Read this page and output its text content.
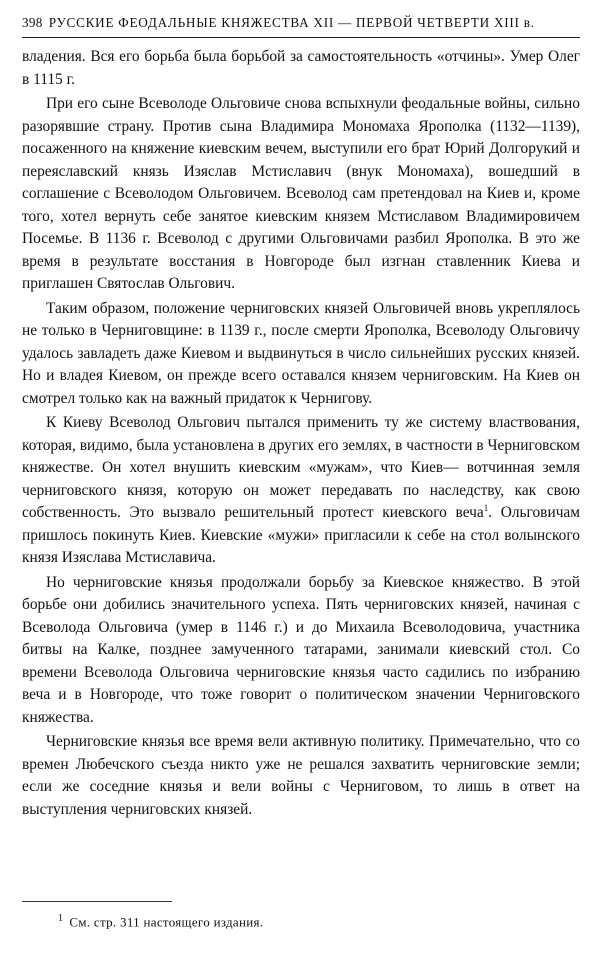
398 РУССКИЕ ФЕОДАЛЬНЫЕ КНЯЖЕСТВА XII — ПЕРВОЙ ЧЕТВЕРТИ XIII в.

владения. Вся его борьба была борьбой за самостоятельность «отчины». Умер Олег в 1115 г.

При его сыне Всеволоде Ольговиче снова вспыхнули феодальные войны, сильно разорявшие страну. Против сына Владимира Мономаха Ярополка (1132—1139), посаженного на княжение киевским вечем, выступили его брат Юрий Долгорукий и переяславский князь Изяслав Мстиславич (внук Мономаха), вошедший в соглашение с Всеволодом Ольговичем. Всеволод сам претендовал на Киев и, кроме того, хотел вернуть себе занятое киевским князем Мстиславом Владимировичем Посемье. В 1136 г. Всеволод с другими Ольговичами разбил Ярополка. В это же время в результате восстания в Новгороде был изгнан ставленник Киева и приглашен Святослав Ольгович.

Таким образом, положение черниговских князей Ольговичей вновь укреплялось не только в Черниговщине: в 1139 г., после смерти Ярополка, Всеволоду Ольговичу удалось завладеть даже Киевом и выдвинуться в число сильнейших русских князей. Но и владея Киевом, он прежде всего оставался князем черниговским. На Киев он смотрел только как на важный придаток к Чернигову.

К Киеву Всеволод Ольгович пытался применить ту же систему властвования, которая, видимо, была установлена в других его землях, в частности в Черниговском княжестве. Он хотел внушить киевским «мужам», что Киев— вотчинная земля черниговского князя, которую он может передавать по наследству, как свою собственность. Это вызвало решительный протест киевского веча$^1$. Ольговичам пришлось покинуть Киев. Киевские «мужи» пригласили к себе на стол волынского князя Изяслава Мстиславича.

Но черниговские князья продолжали борьбу за Киевское княжество. В этой борьбе они добились значительного успеха. Пять черниговских князей, начиная с Всеволода Ольговича (умер в 1146 г.) и до Михаила Всеволодовича, участника битвы на Калке, позднее замученного татарами, занимали киевский стол. Со времени Всеволода Ольговича черниговские князья часто садились по избранию веча и в Новгороде, что тоже говорит о политическом значении Черниговского княжества.

Черниговские князья все время вели активную политику. Примечательно, что со времен Любечского съезда никто уже не решался захватить черниговские земли; если же соседние князья и вели войны с Черниговом, то лишь в ответ на выступления черниговских князей.

$^1$ См. стр. 311 настоящего издания.
